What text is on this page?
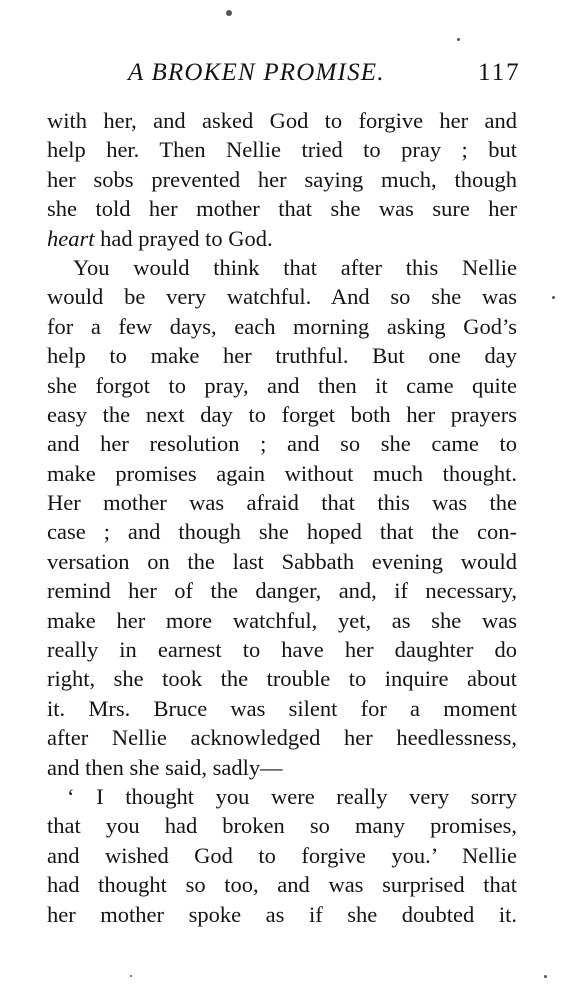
A BROKEN PROMISE.	117
with her, and asked God to forgive her and
help her. Then Nellie tried to pray ; but
her sobs prevented her saying much, though
she told her mother that she was sure her
heart had prayed to God.
You would think that after this Nellie
would be very watchful. And so she was
for a few days, each morning asking God’s
help to make her truthful. But one day
she forgot to pray, and then it came quite
easy the next day to forget both her prayers
and her resolution ; and so she came to
make promises again without much thought.
Her mother was afraid that this was the
case ; and though she hoped that the con-
versation on the last Sabbath evening would
remind her of the danger, and, if necessary,
make her more watchful, yet, as she was
really in earnest to have her daughter do
right, she took the trouble to inquire about
it. Mrs. Bruce was silent for a moment
after Nellie acknowledged her heedlessness,
and then she said, sadly—
‘ I thought you were really very sorry
that you had broken so many promises,
and wished God to forgive you.’ Nellie
had thought so too, and was surprised that
her mother spoke as if she doubted it.
